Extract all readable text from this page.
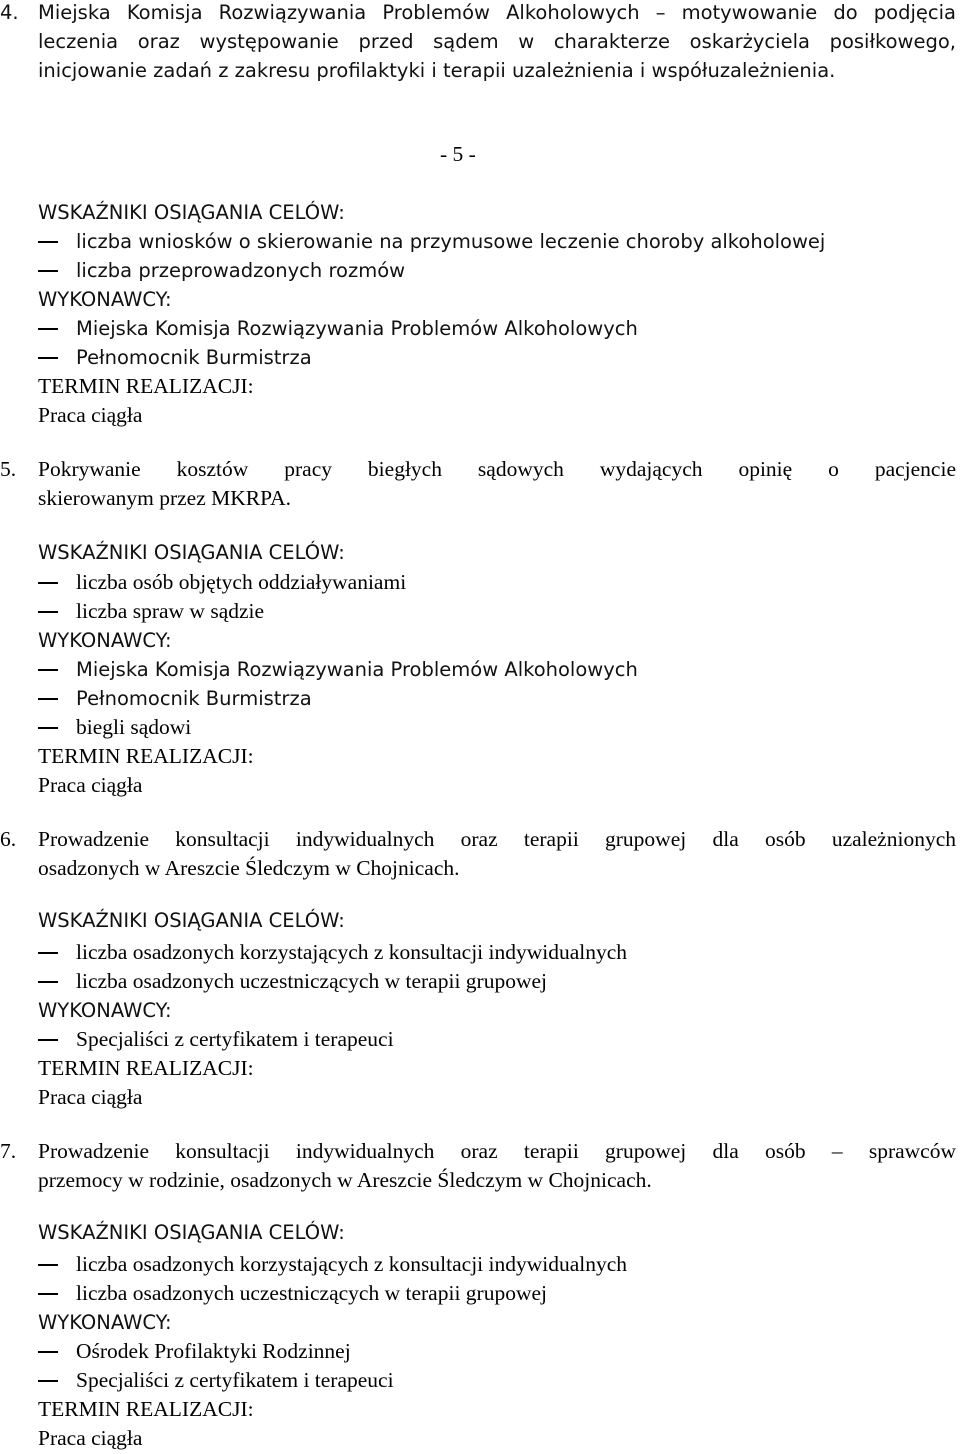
4. Miejska Komisja Rozwiązywania Problemów Alkoholowych – motywowanie do podjęcia
leczenia oraz występowanie przed sądem w charakterze oskarżyciela posiłkowego,
inicjowanie zadań z zakresu profilaktyki i terapii uzależnienia i współuzależnienia.
- 5 -
WSKAŹNIKI OSIĄGANIA CELÓW:
liczba wniosków o skierowanie na przymusowe leczenie choroby alkoholowej
liczba przeprowadzonych rozmów
WYKONAWCY:
Miejska Komisja Rozwiązywania Problemów Alkoholowych
Pełnomocnik Burmistrza
TERMIN REALIZACJI:
Praca ciągła
5. Pokrywanie kosztów pracy biegłych sądowych wydających opinię o pacjencie
skierowanym przez MKRPA.
WSKAŹNIKI OSIĄGANIA CELÓW:
liczba osób objętych oddziaływaniami
liczba spraw w sądzie
WYKONAWCY:
Miejska Komisja Rozwiązywania Problemów Alkoholowych
Pełnomocnik Burmistrza
biegli sądowi
TERMIN REALIZACJI:
Praca ciągła
6. Prowadzenie konsultacji indywidualnych oraz terapii grupowej dla osób uzależnionych
osadzonych w Areszcie Śledczym w Chojnicach.
WSKAŹNIKI OSIĄGANIA CELÓW:
liczba osadzonych korzystających z konsultacji indywidualnych
liczba osadzonych uczestniczących w terapii grupowej
WYKONAWCY:
Specjaliści z certyfikatem i terapeuci
TERMIN REALIZACJI:
Praca ciągła
7. Prowadzenie konsultacji indywidualnych oraz terapii grupowej dla osób – sprawców
przemocy w rodzinie, osadzonych w Areszcie Śledczym w Chojnicach.
WSKAŹNIKI OSIĄGANIA CELÓW:
liczba osadzonych korzystających z konsultacji indywidualnych
liczba osadzonych uczestniczących w terapii grupowej
WYKONAWCY:
Ośrodek Profilaktyki Rodzinnej
Specjaliści z certyfikatem i terapeuci
TERMIN REALIZACJI:
Praca ciągła
